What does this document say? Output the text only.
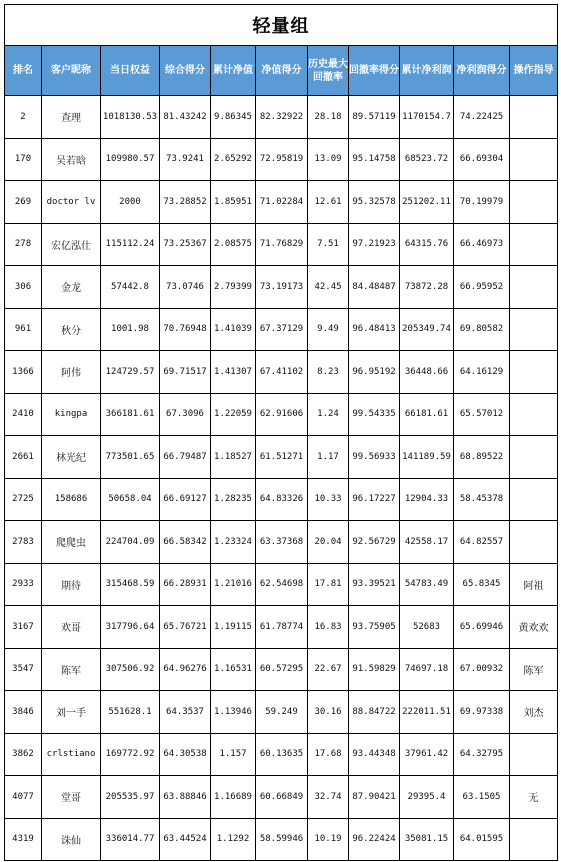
轻量组										
排名	客户昵称	当日权益	综合得分	累计净值	净值得分	历史最大回撤率	回撤率得分	累计净利润	净利润得分	操作指导
2	查理	1018130.53	81.43242	9.86345	82.32922	28.18	89.57119	1170154.7	74.22425	
170	吴若晗	109980.57	73.9241	2.65292	72.95819	13.09	95.14758	68523.72	66.69304	
269	doctor lv	2000	73.28852	1.85951	71.02284	12.61	95.32578	251202.11	70.19979	
278	宏亿泓仕	115112.24	73.25367	2.08575	71.76829	7.51	97.21923	64315.76	66.46973	
306	金龙	57442.8	73.0746	2.79399	73.19173	42.45	84.48487	73872.28	66.95952	
961	秋分	1001.98	70.76948	1.41039	67.37129	9.49	96.48413	205349.74	69.80582	
1366	阿伟	124729.57	69.71517	1.41307	67.41102	8.23	96.95192	36448.66	64.16129	
2410	kingpa	366181.61	67.3096	1.22059	62.91606	1.24	99.54335	66181.61	65.57012	
2661	林光纪	773501.65	66.79487	1.18527	61.51271	1.17	99.56933	141189.59	68.89522	
2725	158686	50658.04	66.69127	1.28235	64.83326	10.33	96.17227	12904.33	58.45378	
2783	爬爬虫	224704.09	66.58342	1.23324	63.37368	20.04	92.56729	42558.17	64.82557	
2933	期待	315468.59	66.28931	1.21016	62.54698	17.81	93.39521	54783.49	65.8345	阿祖
3167	欢哥	317796.64	65.76721	1.19115	61.78774	16.83	93.75905	52683	65.69946	黄欢欢
3547	陈军	307506.92	64.96276	1.16531	60.57295	22.67	91.59829	74697.18	67.00932	陈军
3846	刘一手	551628.1	64.3537	1.13946	59.249	30.16	88.84722	222011.51	69.97338	刘杰
3862	crlstiano	169772.92	64.30538	1.157	60.13635	17.68	93.44348	37961.42	64.32795	
4077	堂哥	205535.97	63.88846	1.16689	60.66849	32.74	87.90421	29395.4	63.1505	无
4319	诛仙	336014.77	63.44524	1.1292	58.59946	10.19	96.22424	35081.15	64.01595	
